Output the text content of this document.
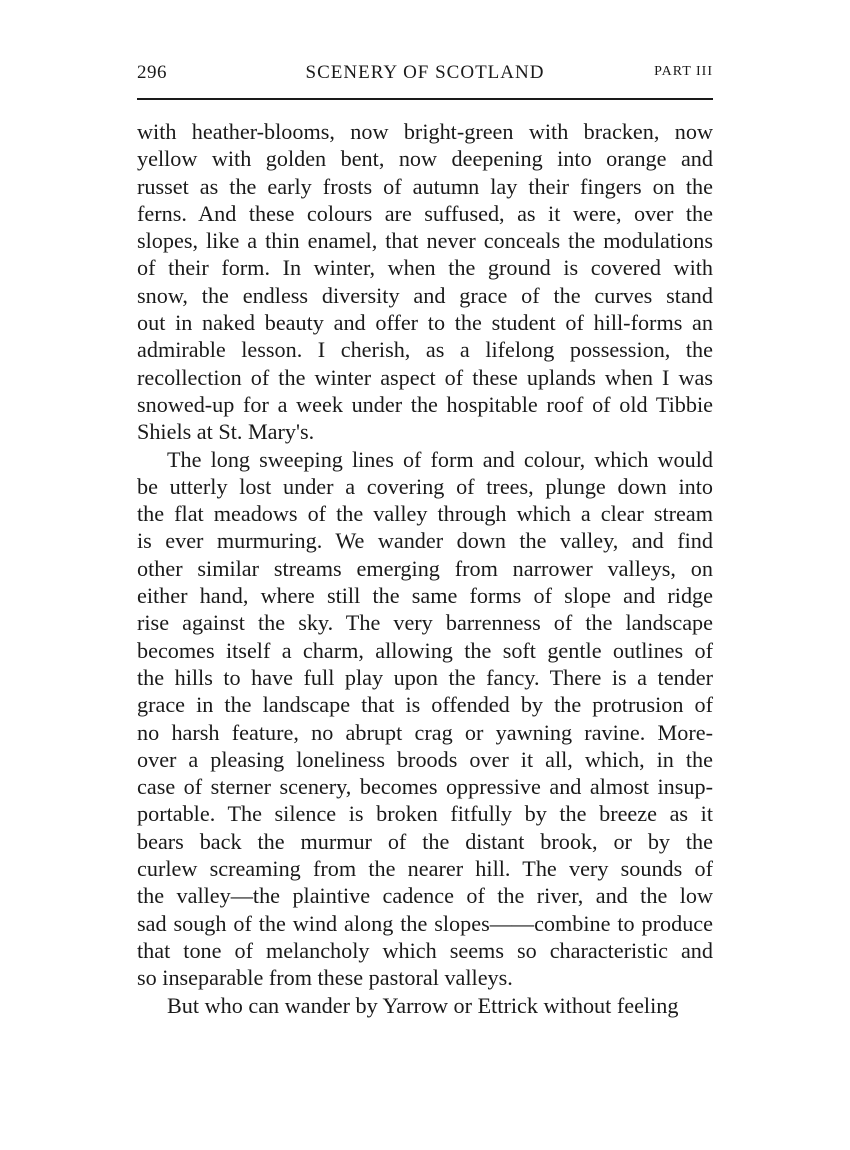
296	SCENERY OF SCOTLAND	PART III
with heather-blooms, now bright-green with bracken, now
yellow with golden bent, now deepening into orange and
russet as the early frosts of autumn lay their fingers on the
ferns. And these colours are suffused, as it were, over the
slopes, like a thin enamel, that never conceals the modulations
of their form. In winter, when the ground is covered with
snow, the endless diversity and grace of the curves stand
out in naked beauty and offer to the student of hill-forms an
admirable lesson. I cherish, as a lifelong possession, the
recollection of the winter aspect of these uplands when I was
snowed-up for a week under the hospitable roof of old Tibbie
Shiels at St. Mary's.
The long sweeping lines of form and colour, which would
be utterly lost under a covering of trees, plunge down into
the flat meadows of the valley through which a clear stream
is ever murmuring. We wander down the valley, and find
other similar streams emerging from narrower valleys, on
either hand, where still the same forms of slope and ridge
rise against the sky. The very barrenness of the landscape
becomes itself a charm, allowing the soft gentle outlines of
the hills to have full play upon the fancy. There is a tender
grace in the landscape that is offended by the protrusion of
no harsh feature, no abrupt crag or yawning ravine. More-
over a pleasing loneliness broods over it all, which, in the
case of sterner scenery, becomes oppressive and almost insup-
portable. The silence is broken fitfully by the breeze as it
bears back the murmur of the distant brook, or by the
curlew screaming from the nearer hill. The very sounds of
the valley—the plaintive cadence of the river, and the low
sad sough of the wind along the slopes——combine to produce
that tone of melancholy which seems so characteristic and
so inseparable from these pastoral valleys.
But who can wander by Yarrow or Ettrick without feeling
